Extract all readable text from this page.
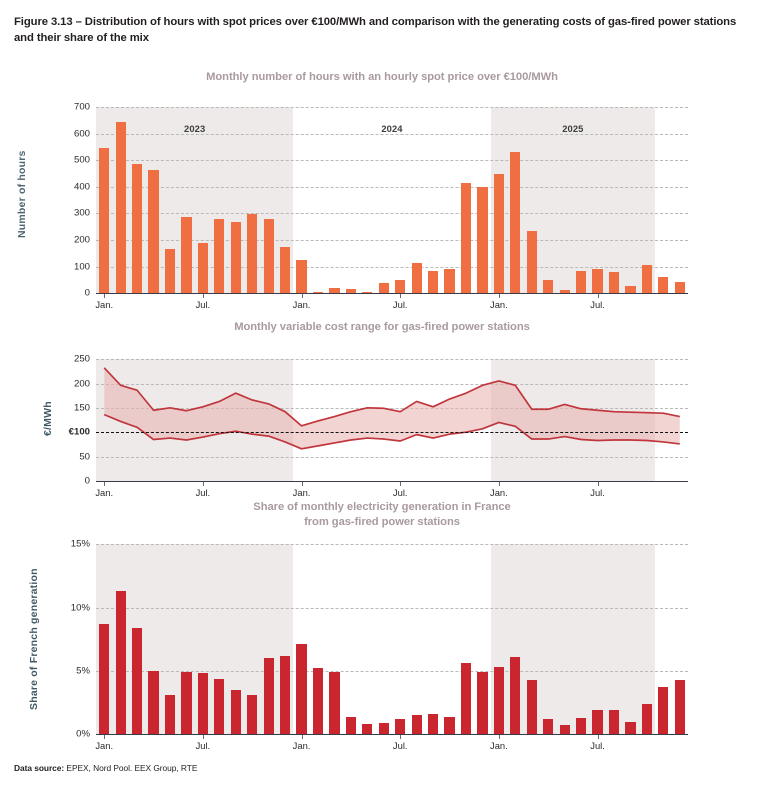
Figure 3.13 – Distribution of hours with spot prices over €100/MWh and comparison with the generating costs of gas-fired power stations and their share of the mix
Monthly number of hours with an hourly spot price over €100/MWh
Number of hours
2023	2024	2025
0
100
200
300
400
500
600
700
Jan.	Jul.	Jan.	Jul.	Jan.	Jul.
Monthly variable cost range for gas-fired power stations
€/MWh
0
50
€100
150
200
250
Jan.	Jul.	Jan.	Jul.	Jan.	Jul.
Share of monthly electricity generation in France
from gas-fired power stations
Share of French generation
0%
5%
10%
15%
Jan.	Jul.	Jan.	Jul.	Jan.	Jul.
Data source: EPEX, Nord Pool. EEX Group, RTE
